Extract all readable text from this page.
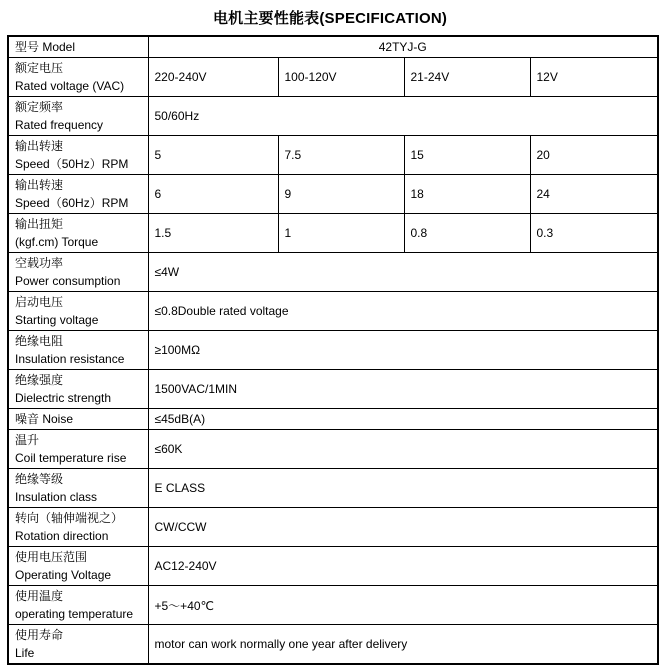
电机主要性能表(SPECIFICATION)
型号 Model	42TYJ-G			

额定电压
Rated voltage (VAC)	220-240V	100-120V	21-24V	12V

额定频率
Rated frequency	50/60Hz			

输出转速
Speed（50Hz）RPM	5	7.5	15	20

输出转速
Speed（60Hz）RPM	6	9	18	24

输出扭矩
(kgf.cm) Torque	1.5	1	0.8	0.3

空载功率
Power consumption	≤4W			

启动电压
Starting voltage	≤0.8Double rated voltage			

绝缘电阻
Insulation resistance	≥100MΩ			

绝缘强度
Dielectric strength	1500VAC/1MIN			

噪音 Noise	≤45dB(A)			

温升
Coil temperature rise	≤60K			

绝缘等级
Insulation class	E CLASS			

转向（轴伸端视之）
Rotation direction	CW/CCW			

使用电压范围
Operating Voltage	AC12-240V			

使用温度
operating temperature	+5～+40℃			

使用寿命
Life	motor can work normally one year after delivery			
